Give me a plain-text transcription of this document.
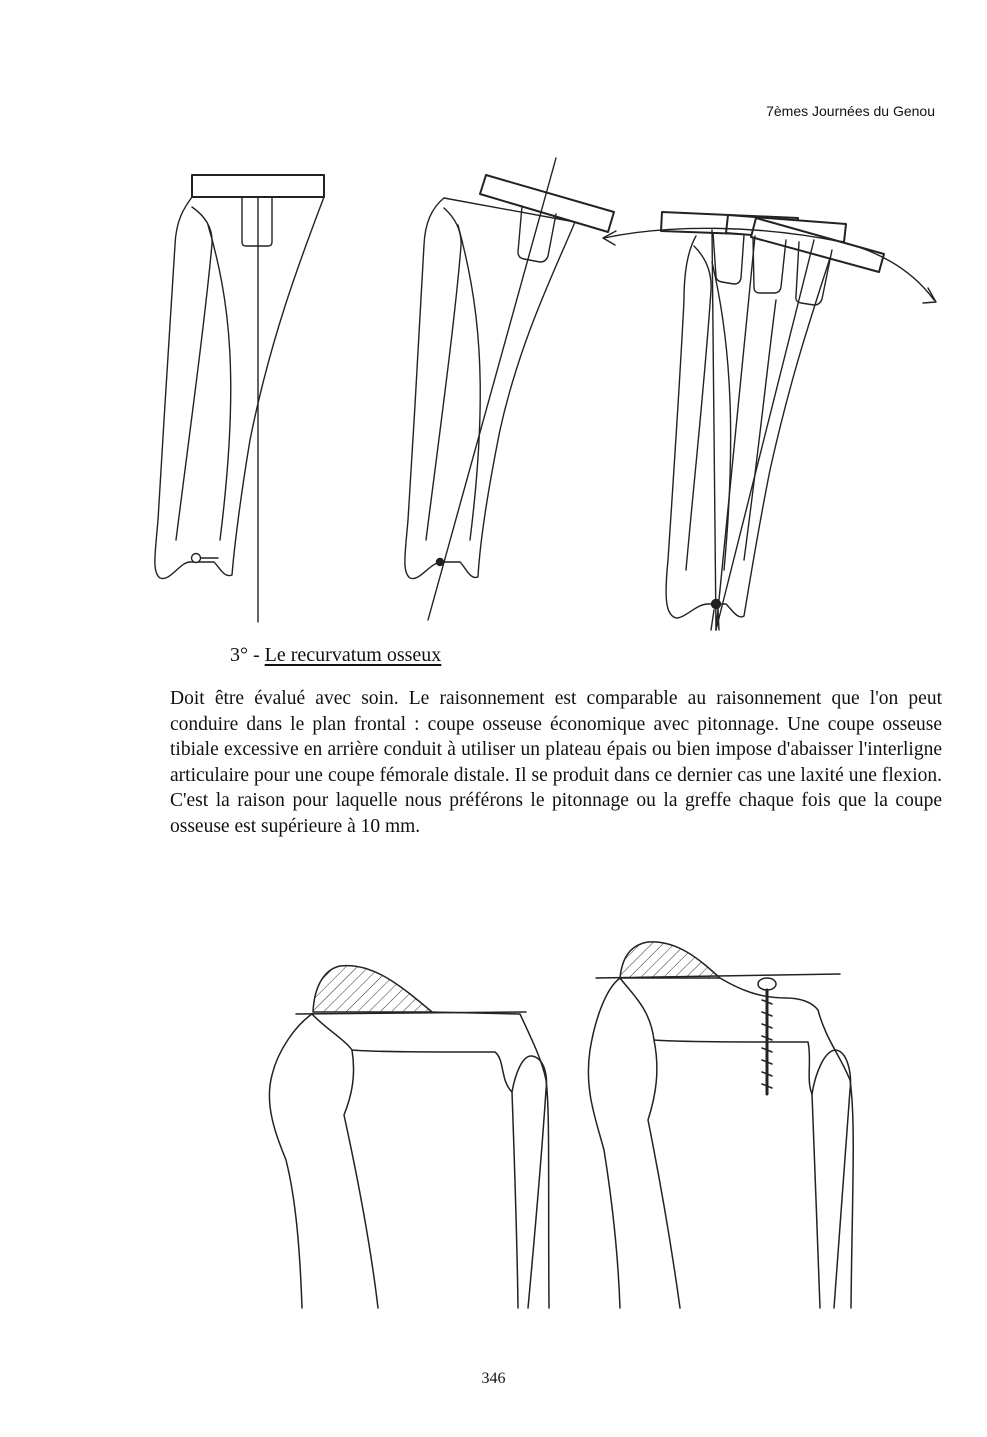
7èmes Journées du Genou
3° - Le recurvatum osseux

Doit être évalué avec soin. Le raisonnement est comparable au raisonnement que l'on peut conduire dans le plan frontal : coupe osseuse économique avec pitonnage. Une coupe osseuse tibiale excessive en arrière conduit à utiliser un plateau épais ou bien impose d'abaisser l'interligne articulaire pour une coupe fémorale distale. Il se produit dans ce dernier cas une laxité une flexion. C'est la raison pour laquelle nous préférons le pitonnage ou la greffe chaque fois que la coupe osseuse est supérieure à 10 mm.

346
